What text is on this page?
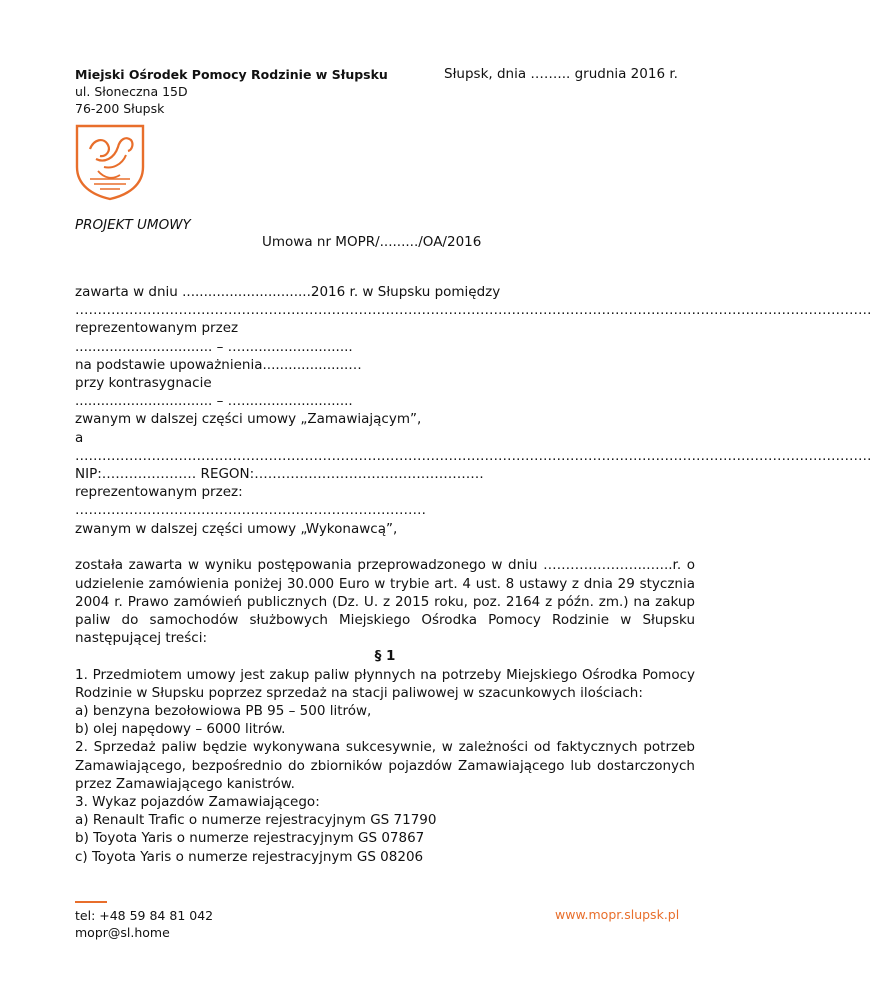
Miejski Ośrodek Pomocy Rodzinie w Słupsku
ul. Słoneczna 15D
76-200 Słupsk
Słupsk, dnia ……... grudnia 2016 r.
PROJEKT UMOWY
Umowa nr MOPR/........./OA/2016

zawarta w dniu ..............................2016 r. w Słupsku pomiędzy

……………………………………………………………………………………………………………………………………………………………

reprezentowanym przez

................................ – …..........................

na podstawie upoważnienia....................…

przy kontrasygnacie

................................ – …..........................

zwanym w dalszej części umowy „Zamawiającym”,

a

……………………………………………………………………………………………………………………………………………………………

NIP:………………… REGON:……………………………………………

reprezentowanym przez:

……………………………………………………………………

zwanym w dalszej części umowy „Wykonawcą”,

została zawarta w wyniku postępowania przeprowadzonego w dniu …………………..…...r. o udzielenie zamówienia poniżej 30.000 Euro w trybie art. 4 ust. 8 ustawy z dnia 29 stycznia 2004 r. Prawo zamówień publicznych (Dz. U. z 2015 roku, poz. 2164 z późn. zm.) na zakup paliw do samochodów służbowych Miejskiego Ośrodka Pomocy Rodzinie w Słupsku następującej treści:

§ 1

1. Przedmiotem umowy jest zakup paliw płynnych na potrzeby Miejskiego Ośrodka Pomocy Rodzinie w Słupsku poprzez sprzedaż na stacji paliwowej w szacunkowych ilościach:

a) benzyna bezołowiowa PB 95 – 500 litrów,

b) olej napędowy – 6000 litrów.

2. Sprzedaż paliw będzie wykonywana sukcesywnie, w zależności od faktycznych potrzeb Zamawiającego, bezpośrednio do zbiorników pojazdów Zamawiającego lub dostarczonych przez Zamawiającego kanistrów.

3. Wykaz pojazdów Zamawiającego:

a) Renault Trafic o numerze rejestracyjnym GS 71790

b) Toyota Yaris o numerze rejestracyjnym GS 07867

c) Toyota Yaris o numerze rejestracyjnym GS 08206

tel: +48 59 84 81 042
mopr@sl.home
www.mopr.slupsk.pl
